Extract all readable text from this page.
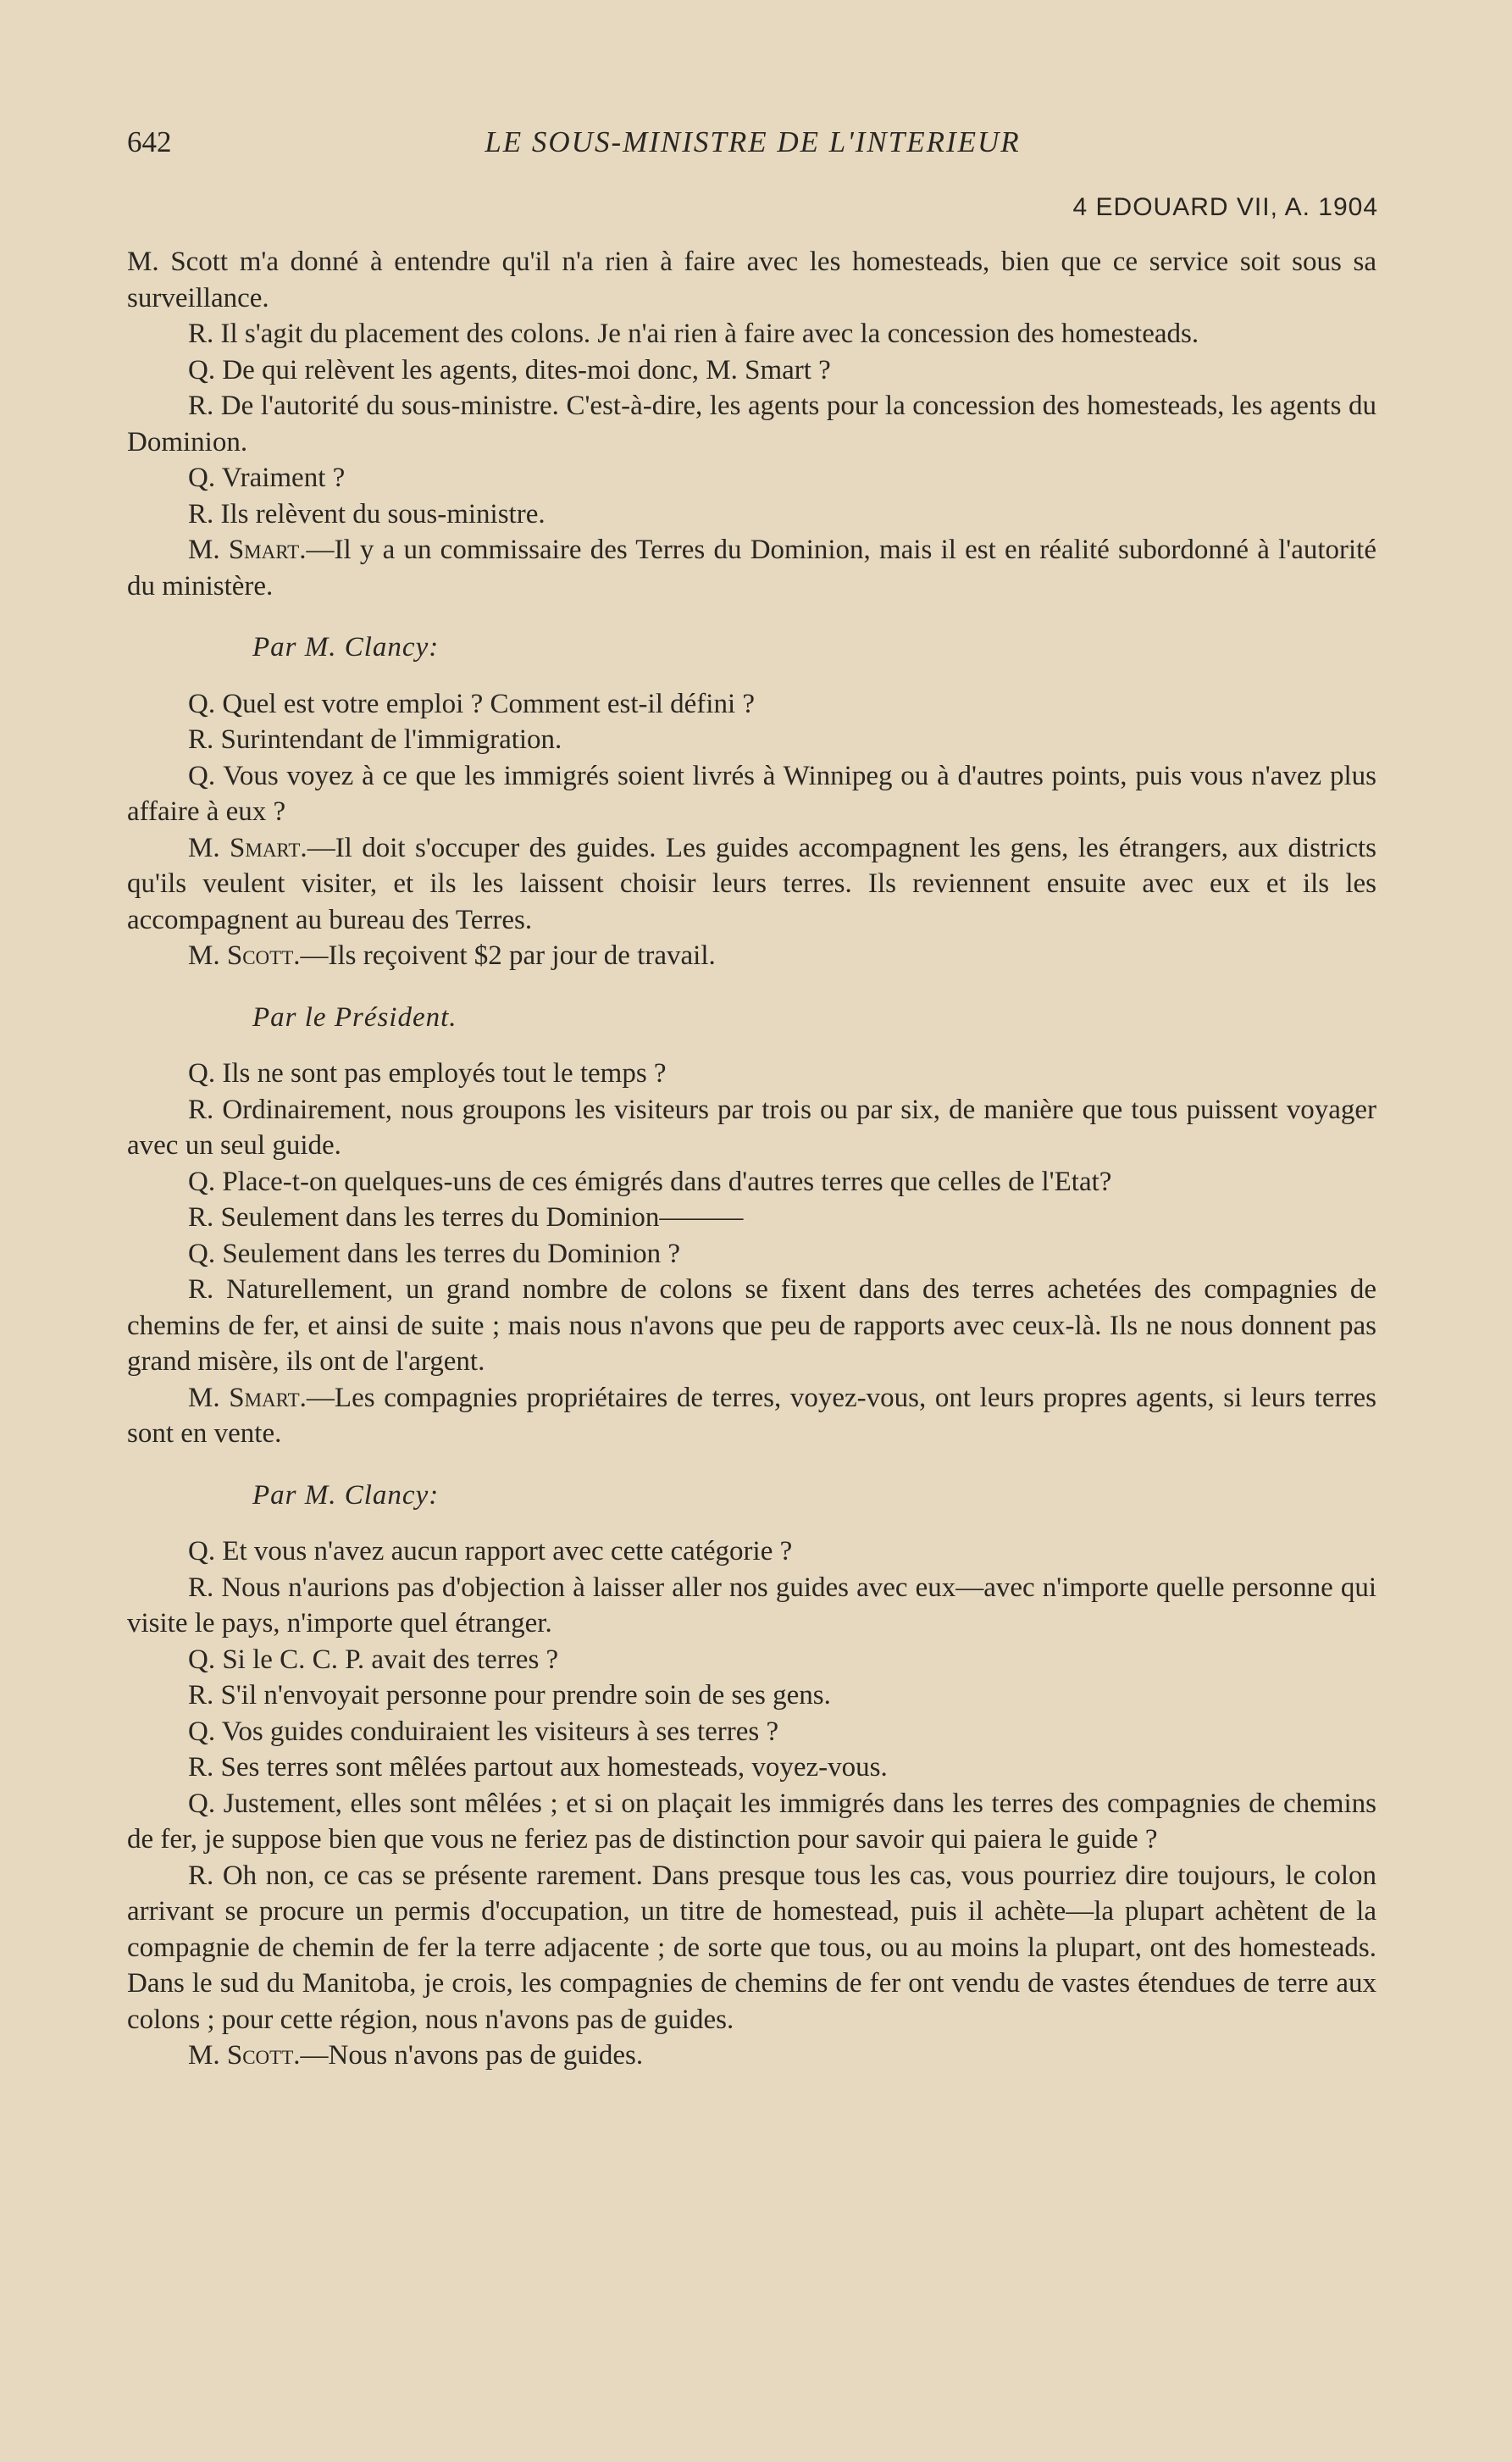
642	LE SOUS-MINISTRE DE L'INTERIEUR
4 EDOUARD VII, A. 1904

M. Scott m'a donné à entendre qu'il n'a rien à faire avec les homesteads, bien que ce service soit sous sa surveillance.

R. Il s'agit du placement des colons. Je n'ai rien à faire avec la concession des homesteads.

Q. De qui relèvent les agents, dites-moi donc, M. Smart ?

R. De l'autorité du sous-ministre. C'est-à-dire, les agents pour la concession des homesteads, les agents du Dominion.

Q. Vraiment ?

R. Ils relèvent du sous-ministre.

M. Smart.—Il y a un commissaire des Terres du Dominion, mais il est en réalité subordonné à l'autorité du ministère.

Par M. Clancy:

Q. Quel est votre emploi ? Comment est-il défini ?

R. Surintendant de l'immigration.

Q. Vous voyez à ce que les immigrés soient livrés à Winnipeg ou à d'autres points, puis vous n'avez plus affaire à eux ?

M. Smart.—Il doit s'occuper des guides. Les guides accompagnent les gens, les étrangers, aux districts qu'ils veulent visiter, et ils les laissent choisir leurs terres. Ils reviennent ensuite avec eux et ils les accompagnent au bureau des Terres.

M. Scott.—Ils reçoivent $2 par jour de travail.

Par le Président.

Q. Ils ne sont pas employés tout le temps ?

R. Ordinairement, nous groupons les visiteurs par trois ou par six, de manière que tous puissent voyager avec un seul guide.

Q. Place-t-on quelques-uns de ces émigrés dans d'autres terres que celles de l'Etat?

R. Seulement dans les terres du Dominion———

Q. Seulement dans les terres du Dominion ?

R. Naturellement, un grand nombre de colons se fixent dans des terres achetées des compagnies de chemins de fer, et ainsi de suite ; mais nous n'avons que peu de rapports avec ceux-là. Ils ne nous donnent pas grand misère, ils ont de l'argent.

M. Smart.—Les compagnies propriétaires de terres, voyez-vous, ont leurs propres agents, si leurs terres sont en vente.

Par M. Clancy:

Q. Et vous n'avez aucun rapport avec cette catégorie ?

R. Nous n'aurions pas d'objection à laisser aller nos guides avec eux—avec n'importe quelle personne qui visite le pays, n'importe quel étranger.

Q. Si le C. C. P. avait des terres ?

R. S'il n'envoyait personne pour prendre soin de ses gens.

Q. Vos guides conduiraient les visiteurs à ses terres ?

R. Ses terres sont mêlées partout aux homesteads, voyez-vous.

Q. Justement, elles sont mêlées ; et si on plaçait les immigrés dans les terres des compagnies de chemins de fer, je suppose bien que vous ne feriez pas de distinction pour savoir qui paiera le guide ?

R. Oh non, ce cas se présente rarement. Dans presque tous les cas, vous pourriez dire toujours, le colon arrivant se procure un permis d'occupation, un titre de homestead, puis il achète—la plupart achètent de la compagnie de chemin de fer la terre adjacente ; de sorte que tous, ou au moins la plupart, ont des homesteads. Dans le sud du Manitoba, je crois, les compagnies de chemins de fer ont vendu de vastes étendues de terre aux colons ; pour cette région, nous n'avons pas de guides.

M. Scott.—Nous n'avons pas de guides.
